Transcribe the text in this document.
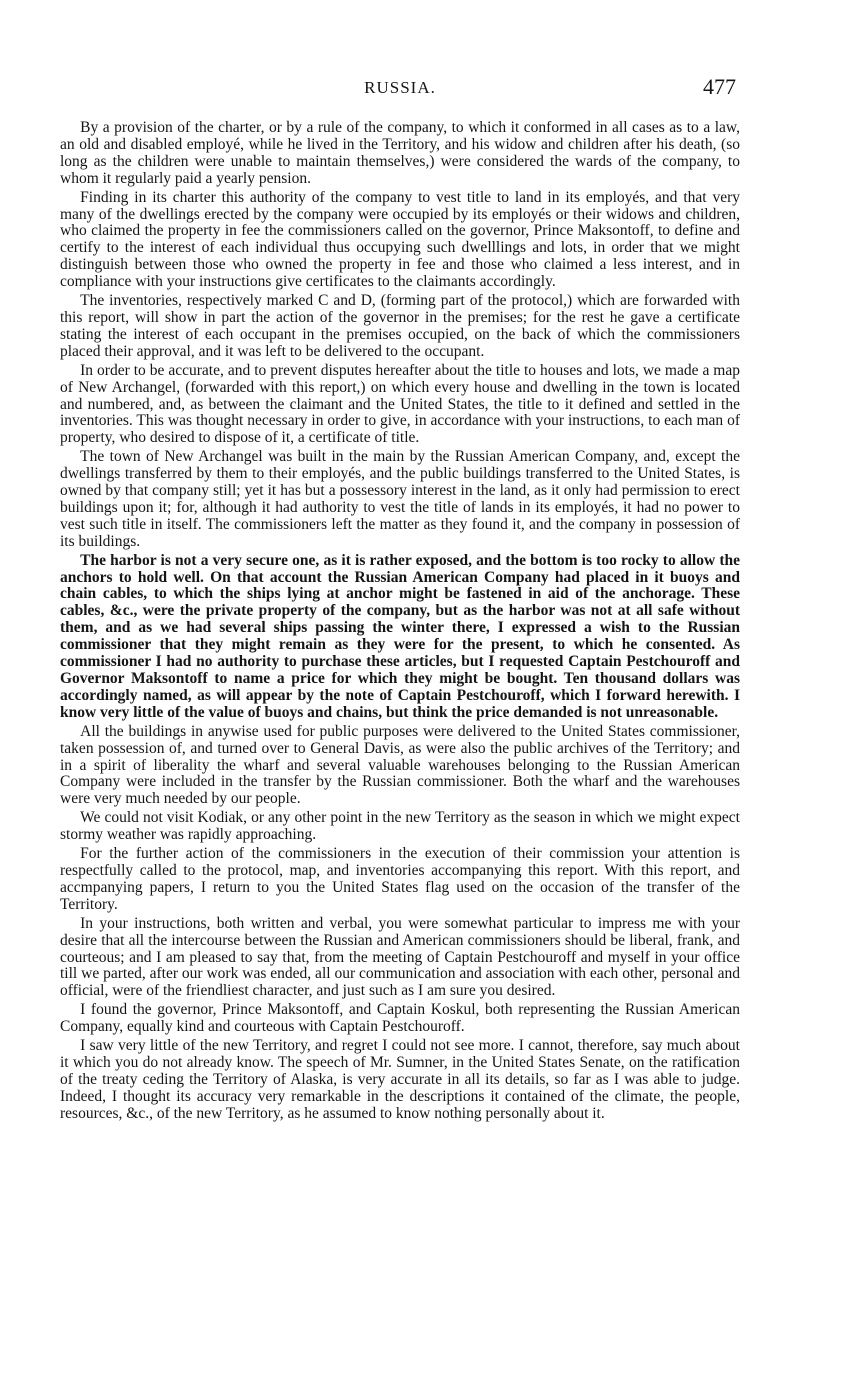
RUSSIA.	477

By a provision of the charter, or by a rule of the company, to which it conformed in all cases as to a law, an old and disabled employé, while he lived in the Territory, and his widow and children after his death, (so long as the children were unable to maintain themselves,) were considered the wards of the company, to whom it regularly paid a yearly pension.

Finding in its charter this authority of the company to vest title to land in its employés, and that very many of the dwellings erected by the company were occupied by its employés or their widows and children, who claimed the property in fee the commissioners called on the governor, Prince Maksontoff, to define and certify to the interest of each individual thus occupying such dwelllings and lots, in order that we might distinguish between those who owned the property in fee and those who claimed a less interest, and in compliance with your instructions give certificates to the claimants accordingly.

The inventories, respectively marked C and D, (forming part of the protocol,) which are forwarded with this report, will show in part the action of the governor in the premises; for the rest he gave a certificate stating the interest of each occupant in the premises occupied, on the back of which the commissioners placed their approval, and it was left to be delivered to the occupant.

In order to be accurate, and to prevent disputes hereafter about the title to houses and lots, we made a map of New Archangel, (forwarded with this report,) on which every house and dwelling in the town is located and numbered, and, as between the claimant and the United States, the title to it defined and settled in the inventories. This was thought necessary in order to give, in accordance with your instructions, to each man of property, who desired to dispose of it, a certificate of title.

The town of New Archangel was built in the main by the Russian American Company, and, except the dwellings transferred by them to their employés, and the public buildings transferred to the United States, is owned by that company still; yet it has but a possessory interest in the land, as it only had permission to erect buildings upon it; for, although it had authority to vest the title of lands in its employés, it had no power to vest such title in itself. The commissioners left the matter as they found it, and the company in possession of its buildings.

The harbor is not a very secure one, as it is rather exposed, and the bottom is too rocky to allow the anchors to hold well. On that account the Russian American Company had placed in it buoys and chain cables, to which the ships lying at anchor might be fastened in aid of the anchorage. These cables, &c., were the private property of the company, but as the harbor was not at all safe without them, and as we had several ships passing the winter there, I expressed a wish to the Russian commissioner that they might remain as they were for the present, to which he consented. As commissioner I had no authority to purchase these articles, but I requested Captain Pestchouroff and Governor Maksontoff to name a price for which they might be bought. Ten thousand dollars was accordingly named, as will appear by the note of Captain Pestchouroff, which I forward herewith. I know very little of the value of buoys and chains, but think the price demanded is not unreasonable.

All the buildings in anywise used for public purposes were delivered to the United States commissioner, taken possession of, and turned over to General Davis, as were also the public archives of the Territory; and in a spirit of liberality the wharf and several valuable warehouses belonging to the Russian American Company were included in the transfer by the Russian commissioner. Both the wharf and the warehouses were very much needed by our people.

We could not visit Kodiak, or any other point in the new Territory as the season in which we might expect stormy weather was rapidly approaching.

For the further action of the commissioners in the execution of their commission your attention is respectfully called to the protocol, map, and inventories accompanying this report. With this report, and accmpanying papers, I return to you the United States flag used on the occasion of the transfer of the Territory.

In your instructions, both written and verbal, you were somewhat particular to impress me with your desire that all the intercourse between the Russian and American commissioners should be liberal, frank, and courteous; and I am pleased to say that, from the meeting of Captain Pestchouroff and myself in your office till we parted, after our work was ended, all our communication and association with each other, personal and official, were of the friendliest character, and just such as I am sure you desired.

I found the governor, Prince Maksontoff, and Captain Koskul, both representing the Russian American Company, equally kind and courteous with Captain Pestchouroff.

I saw very little of the new Territory, and regret I could not see more. I cannot, therefore, say much about it which you do not already know. The speech of Mr. Sumner, in the United States Senate, on the ratification of the treaty ceding the Territory of Alaska, is very accurate in all its details, so far as I was able to judge. Indeed, I thought its accuracy very remarkable in the descriptions it contained of the climate, the people, resources, &c., of the new Territory, as he assumed to know nothing personally about it.
